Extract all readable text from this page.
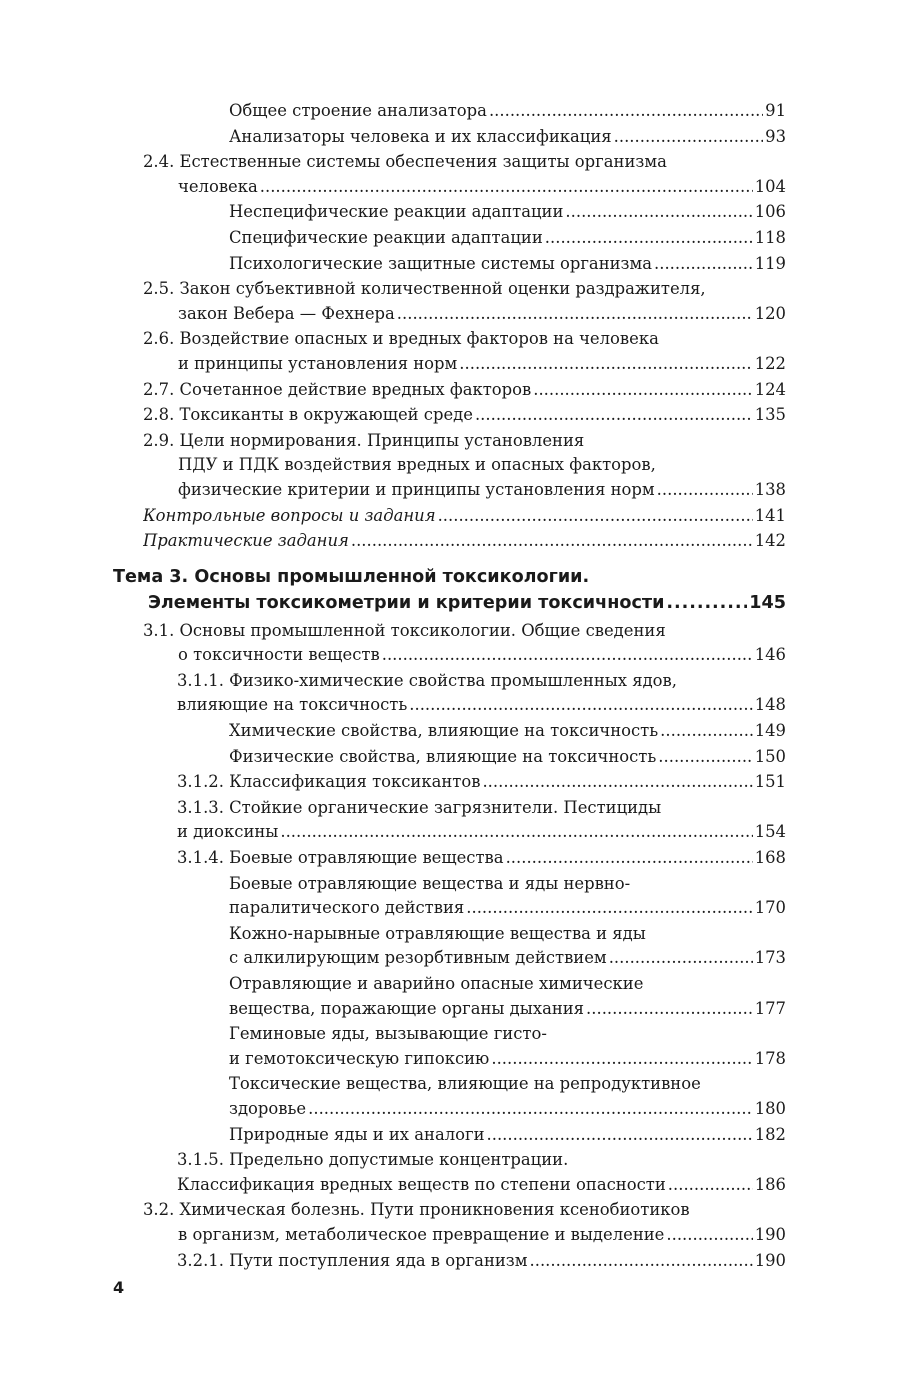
Общее строение анализатора . . .	91
Анализаторы человека и их классификация . . .	93
2.4. Естественные системы обеспечения защиты организма
человека . . .	104
Неспецифические реакции адаптации . . .	106
Специфические реакции адаптации . . .	118
Психологические защитные системы организма . . .	119
2.5. Закон субъективной количественной оценки раздражителя,
закон Вебера — Фехнера . . .	120
2.6. Воздействие опасных и вредных факторов на человека
и принципы установления норм . . .	122
2.7. Сочетанное действие вредных факторов . . .	124
2.8. Токсиканты в окружающей среде . . .	135
2.9. Цели нормирования. Принципы установления
ПДУ и ПДК воздействия вредных и опасных факторов,
физические критерии и принципы установления норм . . .	138
Контрольные вопросы и задания . . .	141
Практические задания . . .	142
Тема 3. Основы промышленной токсикологии.
Элементы токсикометрии и критерии токсичности . . .	145
3.1. Основы промышленной токсикологии. Общие сведения
о токсичности веществ . . .	146
3.1.1. Физико-химические свойства промышленных ядов,
влияющие на токсичность . . .	148
Химические свойства, влияющие на токсичность . . .	149
Физические свойства, влияющие на токсичность . . .	150
3.1.2. Классификация токсикантов . . .	151
3.1.3. Стойкие органические загрязнители. Пестициды
и диоксины . . .	154
3.1.4. Боевые отравляющие вещества . . .	168
Боевые отравляющие вещества и яды нервно-
паралитического действия . . .	170
Кожно-нарывные отравляющие вещества и яды
с алкилирующим резорбтивным действием . . .	173
Отравляющие и аварийно опасные химические
вещества, поражающие органы дыхания . . .	177
Геминовые яды, вызывающие гисто-
и гемотоксическую гипоксию . . .	178
Токсические вещества, влияющие на репродуктивное
здоровье . . .	180
Природные яды и их аналоги . . .	182
3.1.5. Предельно допустимые концентрации.
Классификация вредных веществ по степени опасности . . .	186
3.2. Химическая болезнь. Пути проникновения ксенобиотиков
в организм, метаболическое превращение и выделение . . .	190
3.2.1. Пути поступления яда в организм . . .	190
4
